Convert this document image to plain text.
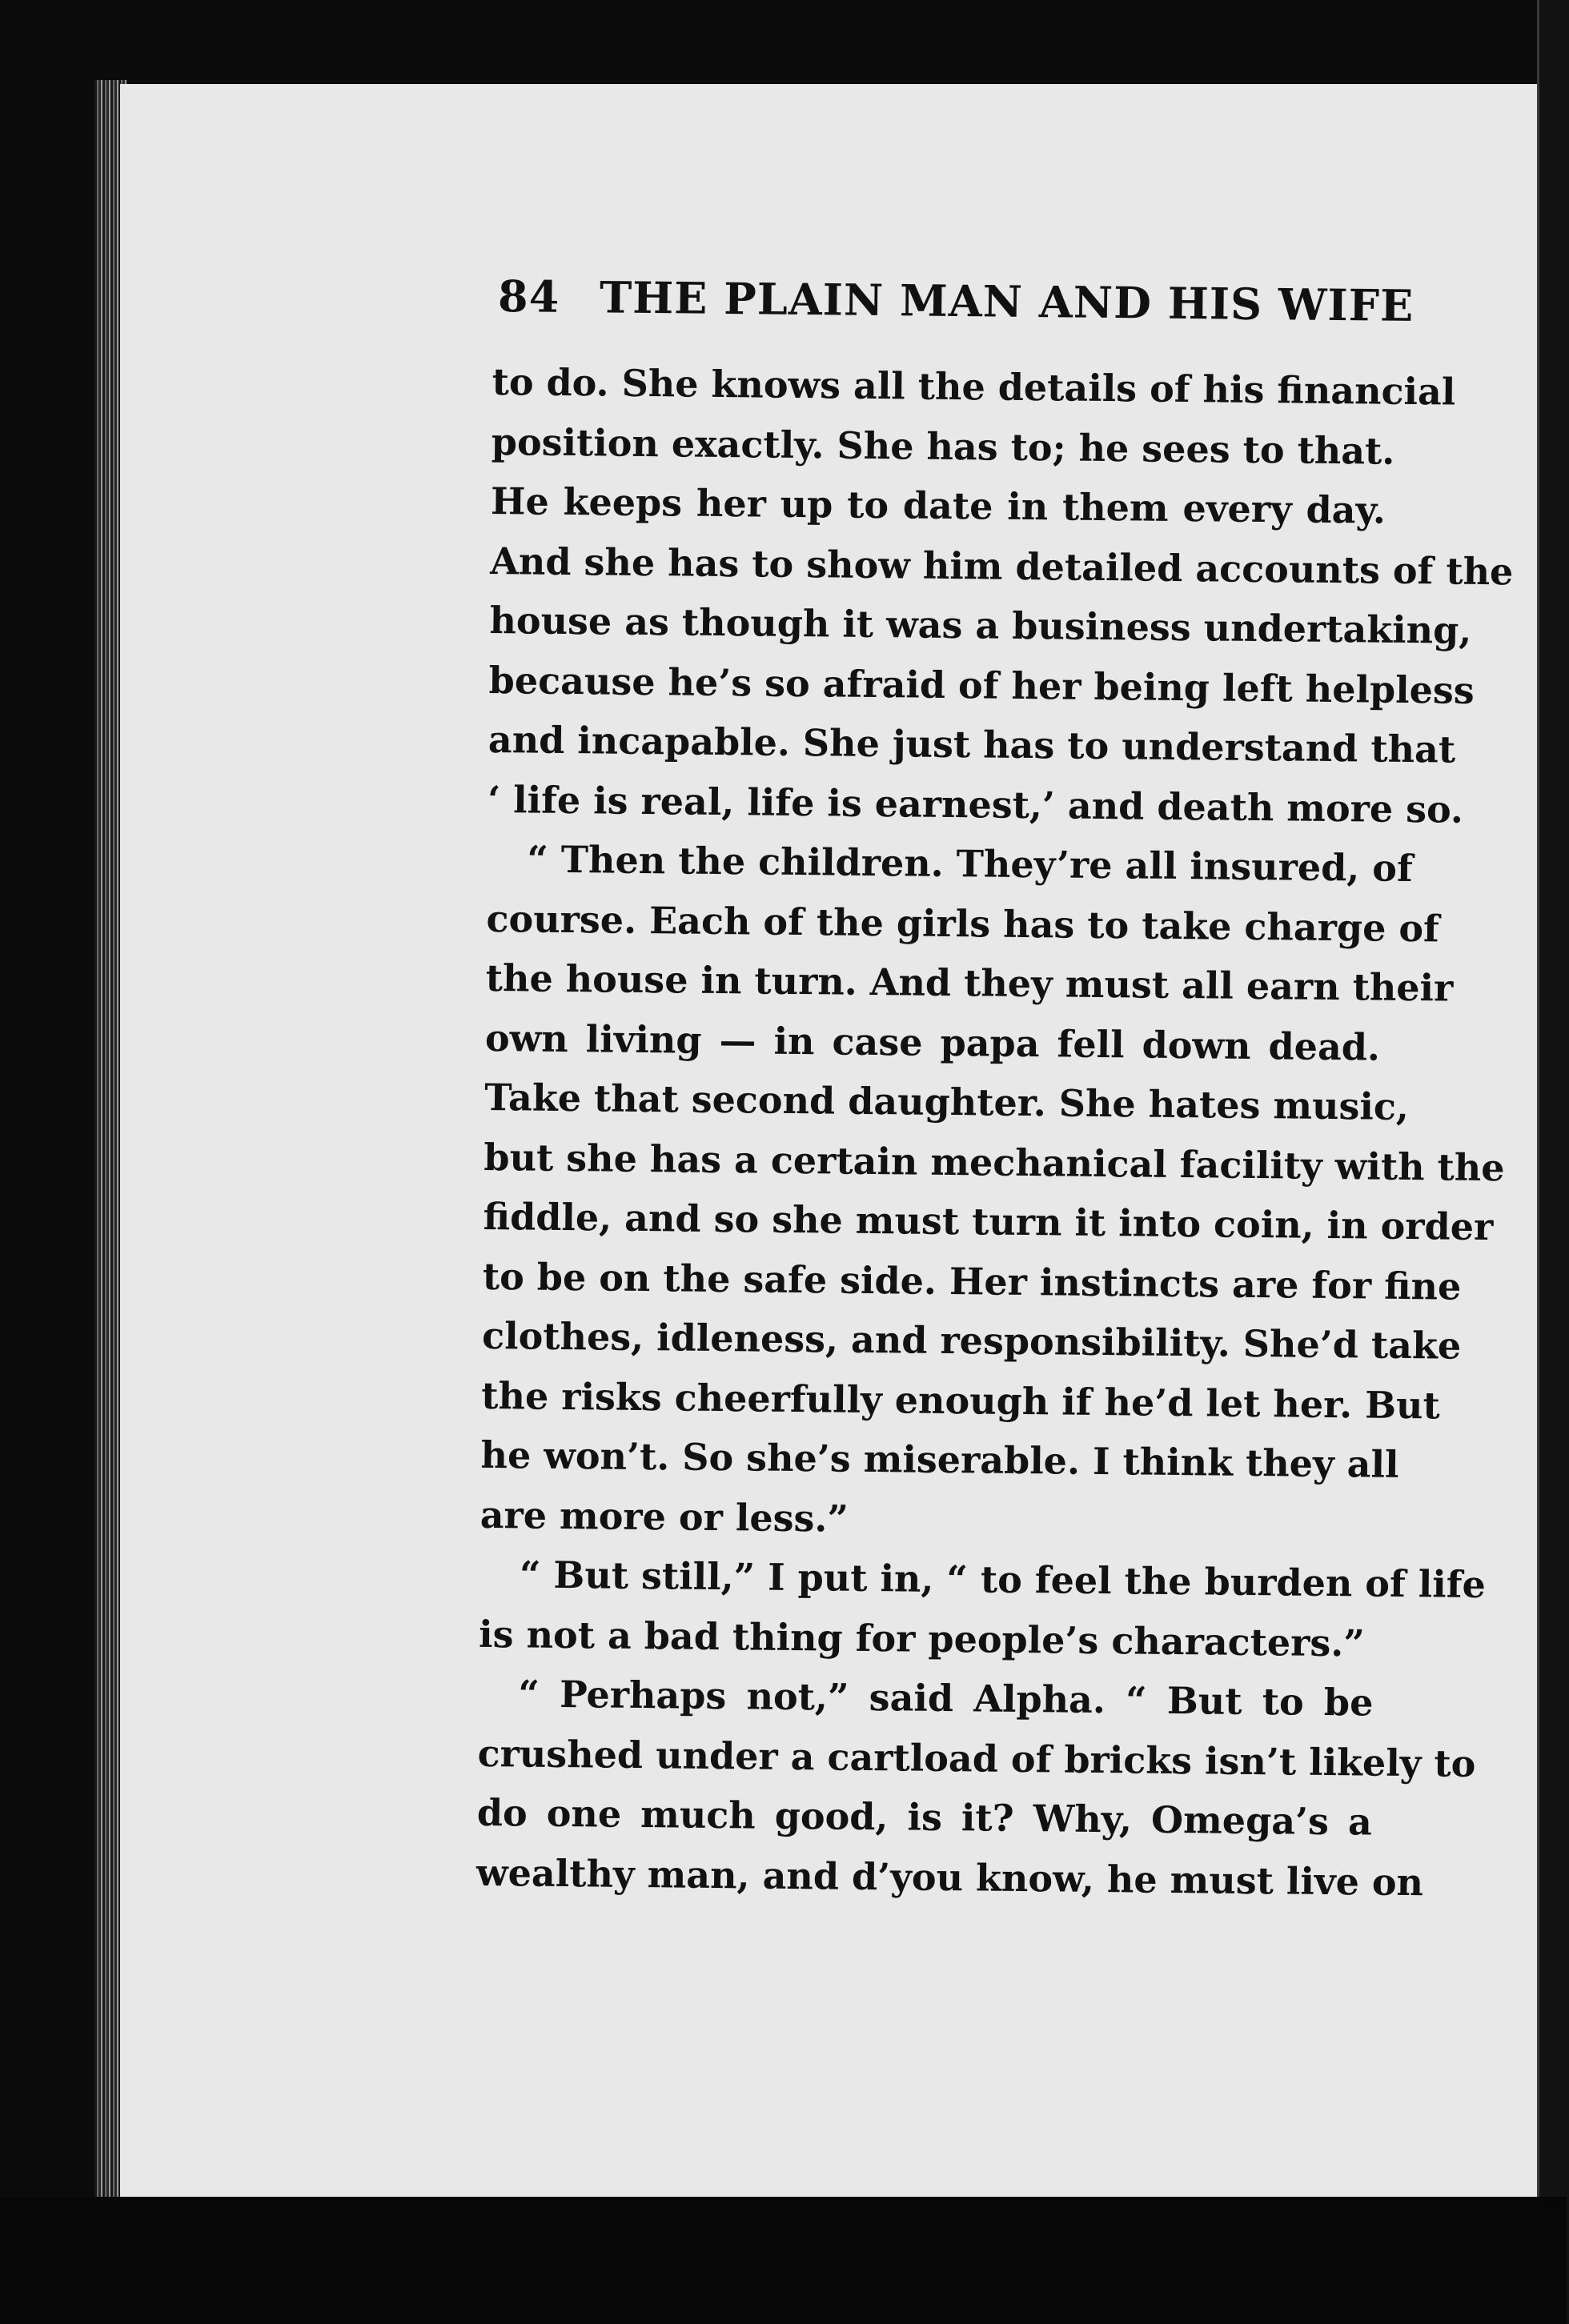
84 THE PLAIN MAN AND HIS WIFE
to do. She knows all the details of his financial
position exactly. She has to; he sees to that.
He keeps her up to date in them every day.
And she has to show him detailed accounts of the
house as though it was a business undertaking,
because he’s so afraid of her being left helpless
and incapable. She just has to understand that
‘ life is real, life is earnest,’ and death more so.
“ Then the children. They’re all insured, of
course. Each of the girls has to take charge of
the house in turn. And they must all earn their
own living — in case papa fell down dead.
Take that second daughter. She hates music,
but she has a certain mechanical facility with the
fiddle, and so she must turn it into coin, in order
to be on the safe side. Her instincts are for fine
clothes, idleness, and responsibility. She’d take
the risks cheerfully enough if he’d let her. But
he won’t. So she’s miserable. I think they all
are more or less.”
“ But still,” I put in, “ to feel the burden of life
is not a bad thing for people’s characters.”
“ Perhaps not,” said Alpha. “ But to be
crushed under a cartload of bricks isn’t likely to
do one much good, is it? Why, Omega’s a
wealthy man, and d’you know, he must live on
